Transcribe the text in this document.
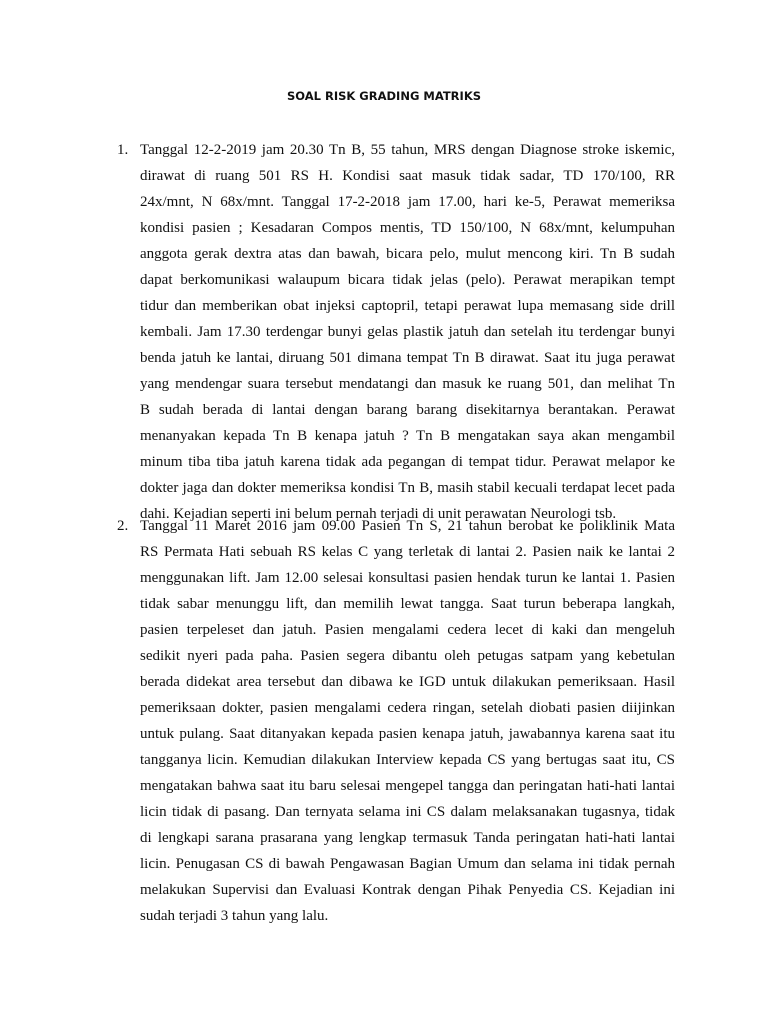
SOAL RISK GRADING MATRIKS
1. Tanggal 12-2-2019 jam 20.30 Tn B, 55 tahun, MRS dengan Diagnose stroke iskemic,
dirawat di ruang 501 RS H. Kondisi saat masuk tidak sadar, TD 170/100, RR
24x/mnt, N 68x/mnt. Tanggal 17-2-2018 jam 17.00, hari ke-5, Perawat memeriksa
kondisi pasien ; Kesadaran Compos mentis, TD 150/100, N 68x/mnt, kelumpuhan
anggota gerak dextra atas dan bawah, bicara pelo, mulut mencong kiri. Tn B sudah
dapat berkomunikasi walaupum bicara tidak jelas (pelo). Perawat merapikan tempt
tidur dan memberikan obat injeksi captopril, tetapi perawat lupa memasang side drill
kembali. Jam 17.30 terdengar bunyi gelas plastik jatuh dan setelah itu terdengar bunyi
benda jatuh ke lantai, diruang 501 dimana tempat Tn B dirawat. Saat itu juga perawat
yang mendengar suara tersebut mendatangi dan masuk ke ruang 501, dan melihat Tn
B sudah berada di lantai dengan barang barang disekitarnya berantakan. Perawat
menanyakan kepada Tn B kenapa jatuh ? Tn B mengatakan saya akan mengambil
minum tiba tiba jatuh karena tidak ada pegangan di tempat tidur. Perawat melapor ke
dokter jaga dan dokter memeriksa kondisi Tn B, masih stabil kecuali terdapat lecet pada
dahi. Kejadian seperti ini belum pernah terjadi di unit perawatan Neurologi tsb.
2. Tanggal 11 Maret 2016 jam 09.00 Pasien Tn S, 21 tahun berobat ke poliklinik Mata
RS Permata Hati sebuah RS kelas C yang terletak di lantai 2. Pasien naik ke lantai 2
menggunakan lift. Jam 12.00 selesai konsultasi pasien hendak turun ke lantai 1. Pasien
tidak sabar menunggu lift, dan memilih lewat tangga. Saat turun beberapa langkah,
pasien terpeleset dan jatuh. Pasien mengalami cedera lecet di kaki dan mengeluh
sedikit nyeri pada paha. Pasien segera dibantu oleh petugas satpam yang kebetulan
berada didekat area tersebut dan dibawa ke IGD untuk dilakukan pemeriksaan. Hasil
pemeriksaan dokter, pasien mengalami cedera ringan, setelah diobati pasien diijinkan
untuk pulang. Saat ditanyakan kepada pasien kenapa jatuh, jawabannya karena saat itu
tangganya licin. Kemudian dilakukan Interview kepada CS yang bertugas saat itu, CS
mengatakan bahwa saat itu baru selesai mengepel tangga dan peringatan hati-hati lantai
licin tidak di pasang. Dan ternyata selama ini CS dalam melaksanakan tugasnya, tidak
di lengkapi sarana prasarana yang lengkap termasuk Tanda peringatan hati-hati lantai
licin. Penugasan CS di bawah Pengawasan Bagian Umum dan selama ini tidak pernah
melakukan Supervisi dan Evaluasi Kontrak dengan Pihak Penyedia CS. Kejadian ini
sudah terjadi 3 tahun yang lalu.
